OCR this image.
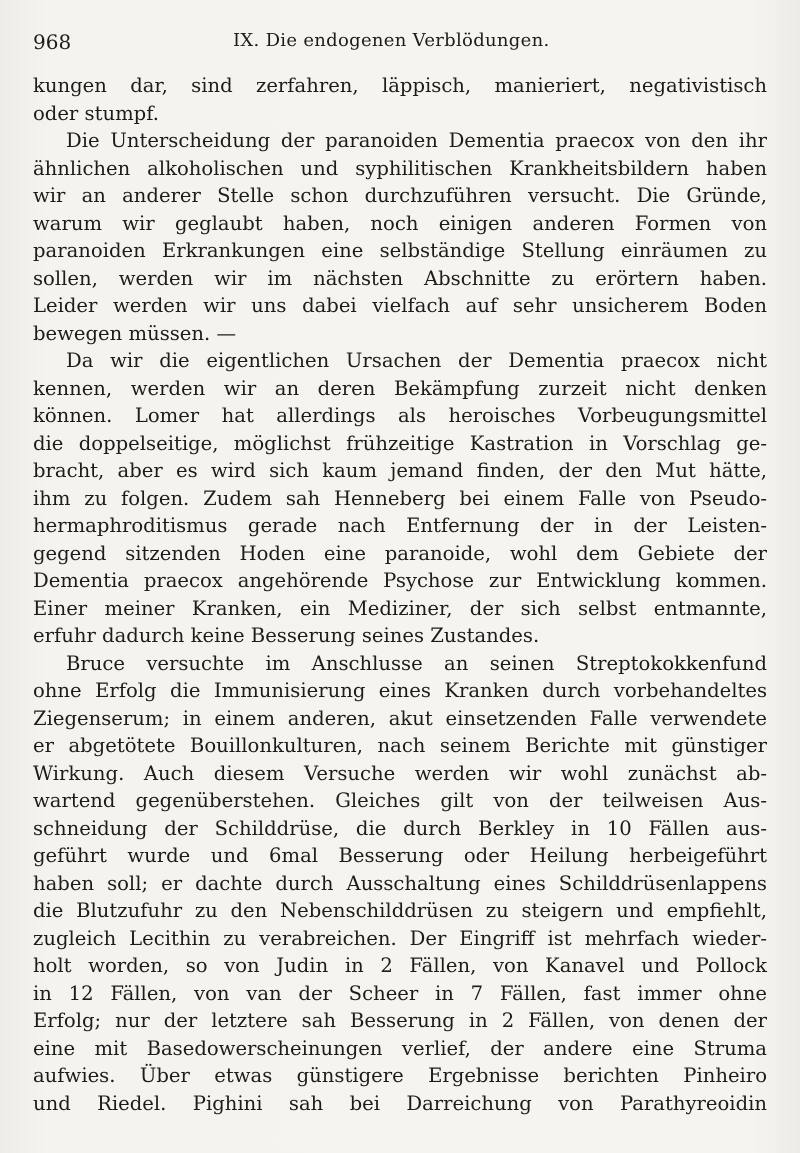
968	IX. Die endogenen Verblödungen.
kungen dar, sind zerfahren, läppisch, manieriert, negativistisch
oder stumpf.
Die Unterscheidung der paranoiden Dementia praecox von den ihr
ähnlichen alkoholischen und syphilitischen Krankheitsbildern haben
wir an anderer Stelle schon durchzuführen versucht. Die Gründe,
warum wir geglaubt haben, noch einigen anderen Formen von
paranoiden Erkrankungen eine selbständige Stellung einräumen zu
sollen, werden wir im nächsten Abschnitte zu erörtern haben.
Leider werden wir uns dabei vielfach auf sehr unsicherem Boden
bewegen müssen. —
Da wir die eigentlichen Ursachen der Dementia praecox nicht
kennen, werden wir an deren Bekämpfung zurzeit nicht denken
können. Lomer hat allerdings als heroisches Vorbeugungsmittel
die doppelseitige, möglichst frühzeitige Kastration in Vorschlag ge-
bracht, aber es wird sich kaum jemand finden, der den Mut hätte,
ihm zu folgen. Zudem sah Henneberg bei einem Falle von Pseudo-
hermaphroditismus gerade nach Entfernung der in der Leisten-
gegend sitzenden Hoden eine paranoide, wohl dem Gebiete der
Dementia praecox angehörende Psychose zur Entwicklung kommen.
Einer meiner Kranken, ein Mediziner, der sich selbst entmannte,
erfuhr dadurch keine Besserung seines Zustandes.
Bruce versuchte im Anschlusse an seinen Streptokokkenfund
ohne Erfolg die Immunisierung eines Kranken durch vorbehandeltes
Ziegenserum; in einem anderen, akut einsetzenden Falle verwendete
er abgetötete Bouillonkulturen, nach seinem Berichte mit günstiger
Wirkung. Auch diesem Versuche werden wir wohl zunächst ab-
wartend gegenüberstehen. Gleiches gilt von der teilweisen Aus-
schneidung der Schilddrüse, die durch Berkley in 10 Fällen aus-
geführt wurde und 6mal Besserung oder Heilung herbeigeführt
haben soll; er dachte durch Ausschaltung eines Schilddrüsenlappens
die Blutzufuhr zu den Nebenschilddrüsen zu steigern und empfiehlt,
zugleich Lecithin zu verabreichen. Der Eingriff ist mehrfach wieder-
holt worden, so von Judin in 2 Fällen, von Kanavel und Pollock
in 12 Fällen, von van der Scheer in 7 Fällen, fast immer ohne
Erfolg; nur der letztere sah Besserung in 2 Fällen, von denen der
eine mit Basedowerscheinungen verlief, der andere eine Struma
aufwies. Über etwas günstigere Ergebnisse berichten Pinheiro
und Riedel. Pighini sah bei Darreichung von Parathyreoidin
